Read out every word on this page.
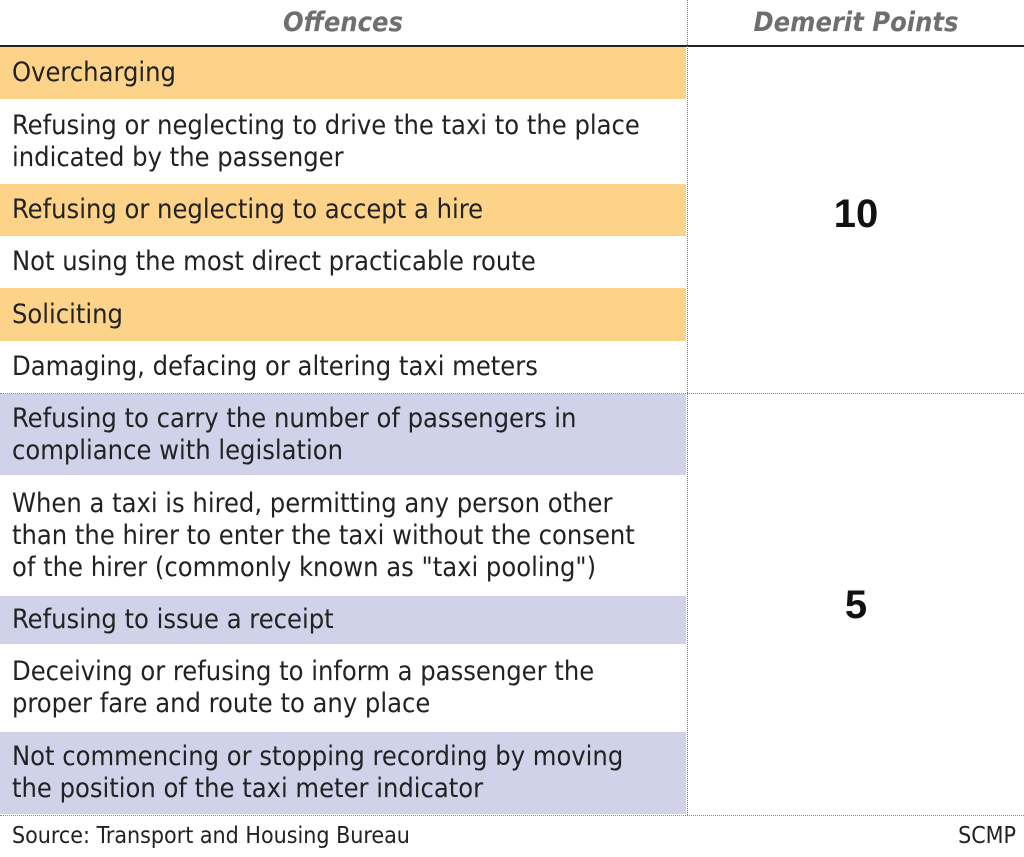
Offences	Demerit Points
Overcharging
Refusing or neglecting to drive the taxi to the place indicated by the passenger
Refusing or neglecting to accept a hire
Not using the most direct practicable route
Soliciting
Damaging, defacing or altering taxi meters
Refusing to carry the number of passengers in compliance with legislation
When a taxi is hired, permitting any person other than the hirer to enter the taxi without the consent of the hirer (commonly known as "taxi pooling")
Refusing to issue a receipt
Deceiving or refusing to inform a passenger the proper fare and route to any place
Not commencing or stopping recording by moving the position of the taxi meter indicator
10
5
Source: Transport and Housing Bureau	SCMP
